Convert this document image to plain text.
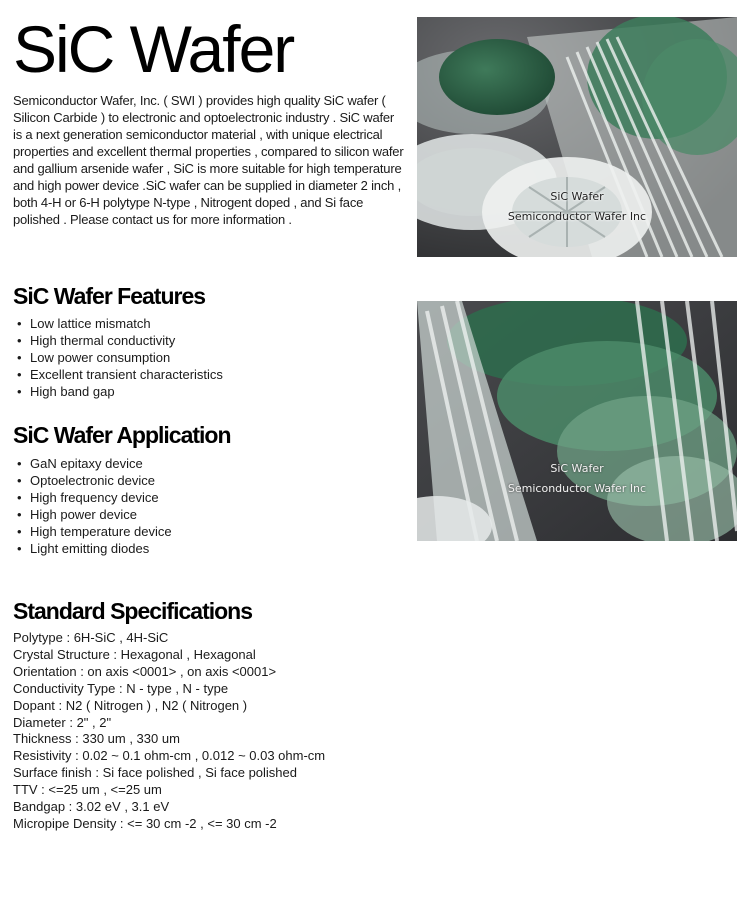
SiC Wafer

Semiconductor Wafer, Inc. ( SWI ) provides high quality SiC wafer ( Silicon Carbide ) to electronic and optoelectronic industry . SiC wafer is a next generation semiconductor material , with unique electrical properties and excellent thermal properties , compared to silicon wafer and gallium arsenide wafer , SiC is more suitable for high temperature and high power device .SiC wafer can be supplied in diameter 2 inch , both 4-H or 6-H polytype N-type , Nitrogent doped , and Si face polished . Please contact us for more information .

SiC Wafer Features
• Low lattice mismatch
• High thermal conductivity
• Low power consumption
• Excellent transient characteristics
• High band gap
SiC Wafer Application
• GaN epitaxy device
• Optoelectronic device
• High frequency device
• High power device
• High temperature device
• Light emitting diodes
Standard Specifications
Polytype : 6H-SiC , 4H-SiC
Crystal Structure : Hexagonal , Hexagonal
Orientation : on axis <0001> , on axis <0001>
Conductivity Type : N - type , N - type
Dopant : N2 ( Nitrogen ) , N2 ( Nitrogen )
Diameter : 2" , 2"
Thickness : 330 um , 330 um
Resistivity : 0.02 ~ 0.1 ohm-cm , 0.012 ~ 0.03 ohm-cm
Surface finish : Si face polished , Si face polished
TTV : <=25 um , <=25 um
Bandgap : 3.02 eV , 3.1 eV
Micropipe Density : <= 30 cm -2 , <= 30 cm -2
SiC Wafer
Semiconductor Wafer Inc
SiC Wafer
Semiconductor Wafer Inc
